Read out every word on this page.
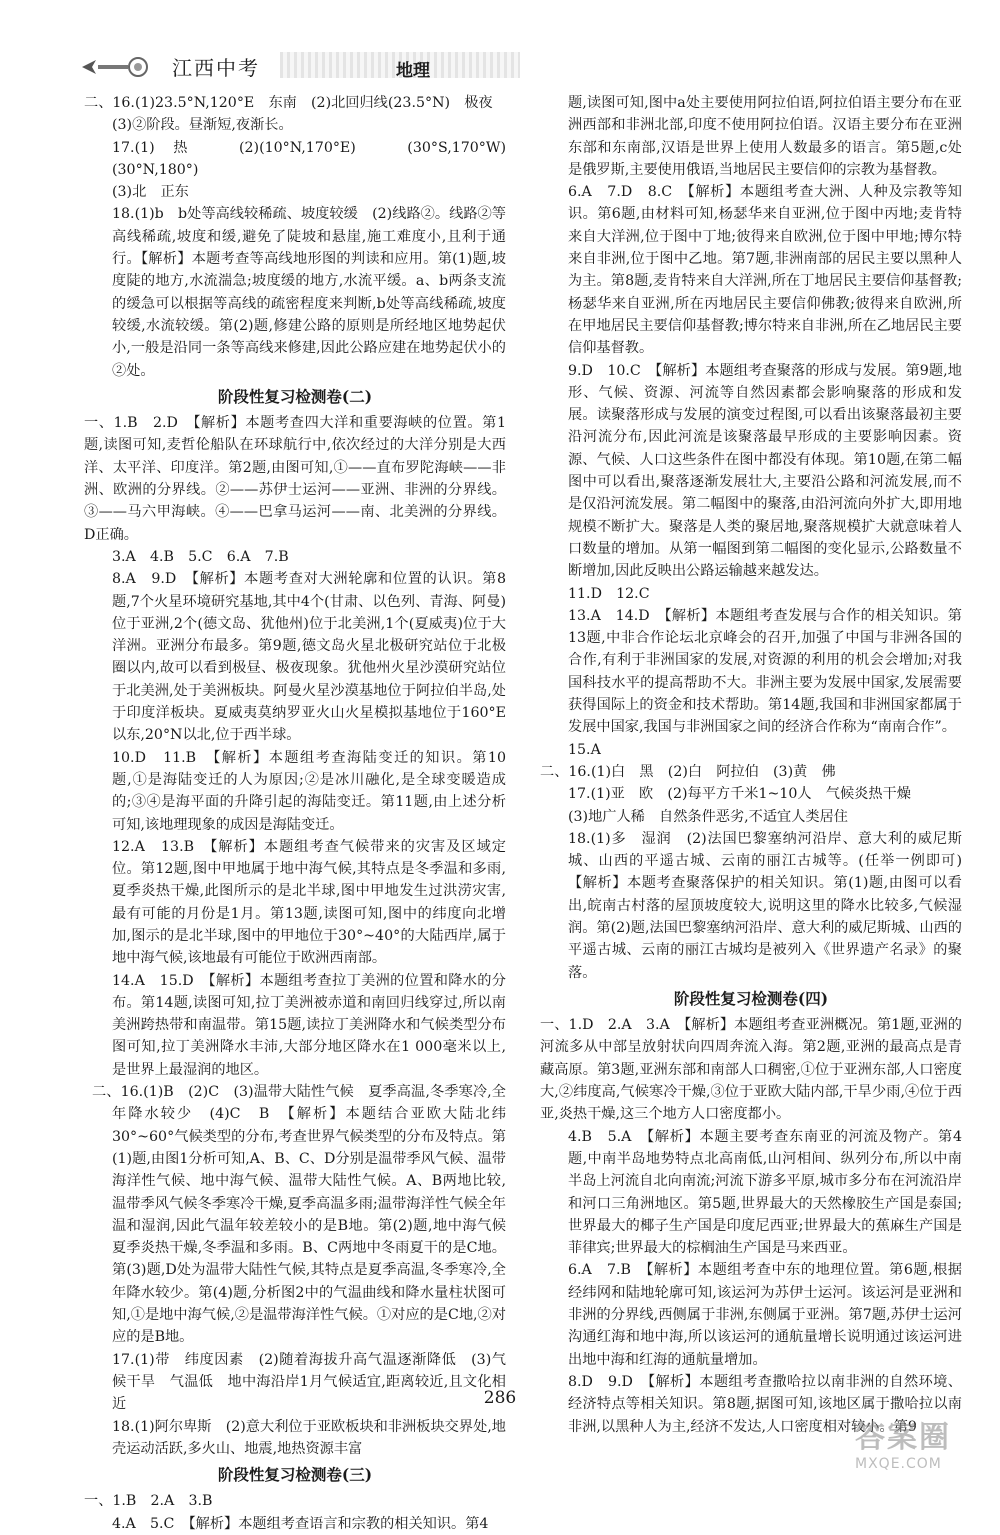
江西中考	地理
二、16.(1)23.5°N,120°E　东南　(2)北回归线(23.5°N)　极夜
(3)②阶段。昼渐短,夜渐长。
17.(1)热　(2)(10°N,170°E)　(30°S,170°W)　(30°N,180°)
(3)北　正东
18.(1)b　b处等高线较稀疏、坡度较缓　(2)线路②。线路②等高线稀疏,坡度和缓,避免了陡坡和悬崖,施工难度小,且利于通行。【解析】本题考查等高线地形图的判读和应用。第(1)题,坡度陡的地方,水流湍急;坡度缓的地方,水流平缓。a、b两条支流的缓急可以根据等高线的疏密程度来判断,b处等高线稀疏,坡度较缓,水流较缓。第(2)题,修建公路的原则是所经地区地势起伏小,一般是沿同一条等高线来修建,因此公路应建在地势起伏小的②处。
阶段性复习检测卷(二)
一、1.B　2.D　【解析】本题考查四大洋和重要海峡的位置。第1题,读图可知,麦哲伦船队在环球航行中,依次经过的大洋分别是大西洋、太平洋、印度洋。第2题,由图可知,①——直布罗陀海峡——非洲、欧洲的分界线。②——苏伊士运河——亚洲、非洲的分界线。③——马六甲海峡。④——巴拿马运河——南、北美洲的分界线。D正确。
3.A　4.B　5.C　6.A　7.B
8.A　9.D　【解析】本题考查对大洲轮廓和位置的认识。第8题,7个火星环境研究基地,其中4个(甘肃、以色列、青海、阿曼)位于亚洲,2个(德文岛、犹他州)位于北美洲,1个(夏威夷)位于大洋洲。亚洲分布最多。第9题,德文岛火星北极研究站位于北极圈以内,故可以看到极昼、极夜现象。犹他州火星沙漠研究站位于北美洲,处于美洲板块。阿曼火星沙漠基地位于阿拉伯半岛,处于印度洋板块。夏威夷莫纳罗亚火山火星模拟基地位于160°E以东,20°N以北,位于西半球。
10.D　11.B　【解析】本题组考查海陆变迁的知识。第10题,①是海陆变迁的人为原因;②是冰川融化,是全球变暖造成的;③④是海平面的升降引起的海陆变迁。第11题,由上述分析可知,该地理现象的成因是海陆变迁。
12.A　13.B　【解析】本题组考查气候带来的灾害及区域定位。第12题,图中甲地属于地中海气候,其特点是冬季温和多雨,夏季炎热干燥,此图所示的是北半球,图中甲地发生过洪涝灾害,最有可能的月份是1月。第13题,读图可知,图中的纬度向北增加,图示的是北半球,图中的甲地位于30°~40°的大陆西岸,属于地中海气候,该地最有可能位于欧洲西南部。
14.A　15.D　【解析】本题组考查拉丁美洲的位置和降水的分布。第14题,读图可知,拉丁美洲被赤道和南回归线穿过,所以南美洲跨热带和南温带。第15题,读拉丁美洲降水和气候类型分布图可知,拉丁美洲降水丰沛,大部分地区降水在1 000毫米以上,是世界上最湿润的地区。
二、16.(1)B　(2)C　(3)温带大陆性气候　夏季高温,冬季寒冷,全年降水较少　(4)C　B　【解析】本题结合亚欧大陆北纬30°~60°气候类型的分布,考查世界气候类型的分布及特点。第(1)题,由图1分析可知,A、B、C、D分别是温带季风气候、温带海洋性气候、地中海气候、温带大陆性气候。A、B两地比较,温带季风气候冬季寒冷干燥,夏季高温多雨;温带海洋性气候全年温和湿润,因此气温年较差较小的是B地。第(2)题,地中海气候夏季炎热干燥,冬季温和多雨。B、C两地中冬雨夏干的是C地。第(3)题,D处为温带大陆性气候,其特点是夏季高温,冬季寒冷,全年降水较少。第(4)题,分析图2中的气温曲线和降水量柱状图可知,①是地中海气候,②是温带海洋性气候。①对应的是C地,②对应的是B地。
17.(1)带　纬度因素　(2)随着海拔升高气温逐渐降低　(3)气候干旱　气温低　地中海沿岸1月气候适宜,距离较近,且文化相近
18.(1)阿尔卑斯　(2)意大利位于亚欧板块和非洲板块交界处,地壳运动活跃,多火山、地震,地热资源丰富
阶段性复习检测卷(三)
一、1.B　2.A　3.B
4.A　5.C　【解析】本题组考查语言和宗教的相关知识。第4
题,读图可知,图中a处主要使用阿拉伯语,阿拉伯语主要分布在亚洲西部和非洲北部,印度不使用阿拉伯语。汉语主要分布在亚洲东部和东南部,汉语是世界上使用人数最多的语言。第5题,c处是俄罗斯,主要使用俄语,当地居民主要信仰的宗教为基督教。
6.A　7.D　8.C　【解析】本题组考查大洲、人种及宗教等知识。第6题,由材料可知,杨瑟华来自亚洲,位于图中丙地;麦肯特来自大洋洲,位于图中丁地;彼得来自欧洲,位于图中甲地;博尔特来自非洲,位于图中乙地。第7题,非洲南部的居民主要以黑种人为主。第8题,麦肯特来自大洋洲,所在丁地居民主要信仰基督教;杨瑟华来自亚洲,所在丙地居民主要信仰佛教;彼得来自欧洲,所在甲地居民主要信仰基督教;博尔特来自非洲,所在乙地居民主要信仰基督教。
9.D　10.C　【解析】本题组考查聚落的形成与发展。第9题,地形、气候、资源、河流等自然因素都会影响聚落的形成和发展。读聚落形成与发展的演变过程图,可以看出该聚落最初主要沿河流分布,因此河流是该聚落最早形成的主要影响因素。资源、气候、人口这些条件在图中都没有体现。第10题,在第二幅图中可以看出,聚落逐渐发展壮大,主要沿公路和河流发展,而不是仅沿河流发展。第二幅图中的聚落,由沿河流向外扩大,即用地规模不断扩大。聚落是人类的聚居地,聚落规模扩大就意味着人口数量的增加。从第一幅图到第二幅图的变化显示,公路数量不断增加,因此反映出公路运输越来越发达。
11.D　12.C
13.A　14.D　【解析】本题组考查发展与合作的相关知识。第13题,中非合作论坛北京峰会的召开,加强了中国与非洲各国的合作,有利于非洲国家的发展,对资源的利用的机会会增加;对我国科技水平的提高帮助不大。非洲主要为发展中国家,发展需要获得国际上的资金和技术帮助。第14题,我国和非洲国家都属于发展中国家,我国与非洲国家之间的经济合作称为“南南合作”。
15.A
二、16.(1)白　黑　(2)白　阿拉伯　(3)黄　佛
17.(1)亚　欧　(2)每平方千米1~10人　气候炎热干燥
(3)地广人稀　自然条件恶劣,不适宜人类居住
18.(1)多　湿润　(2)法国巴黎塞纳河沿岸、意大利的威尼斯城、山西的平遥古城、云南的丽江古城等。(任举一例即可)【解析】本题考查聚落保护的相关知识。第(1)题,由图可以看出,皖南古村落的屋顶坡度较大,说明这里的降水比较多,气候湿润。第(2)题,法国巴黎塞纳河沿岸、意大利的威尼斯城、山西的平遥古城、云南的丽江古城均是被列入《世界遗产名录》的聚落。
阶段性复习检测卷(四)
一、1.D　2.A　3.A　【解析】本题组考查亚洲概况。第1题,亚洲的河流多从中部呈放射状向四周奔流入海。第2题,亚洲的最高点是青藏高原。第3题,亚洲东部和南部人口稠密,①位于亚洲东部,人口密度大,②纬度高,气候寒冷干燥,③位于亚欧大陆内部,干旱少雨,④位于西亚,炎热干燥,这三个地方人口密度都小。
4.B　5.A　【解析】本题主要考查东南亚的河流及物产。第4题,中南半岛地势特点北高南低,山河相间、纵列分布,所以中南半岛上河流自北向南流;河流下游多平原,城市多分布在河流沿岸和河口三角洲地区。第5题,世界最大的天然橡胶生产国是泰国;世界最大的椰子生产国是印度尼西亚;世界最大的蕉麻生产国是菲律宾;世界最大的棕榈油生产国是马来西亚。
6.A　7.B　【解析】本题组考查中东的地理位置。第6题,根据经纬网和陆地轮廓可知,该运河为苏伊士运河。该运河是亚洲和非洲的分界线,西侧属于非洲,东侧属于亚洲。第7题,苏伊士运河沟通红海和地中海,所以该运河的通航量增长说明通过该运河进出地中海和红海的通航量增加。
8.D　9.D　【解析】本题组考查撒哈拉以南非洲的自然环境、经济特点等相关知识。第8题,据图可知,该地区属于撒哈拉以南非洲,以黑种人为主,经济不发达,人口密度相对较小。第9
286
答案圈
MXQE.COM
